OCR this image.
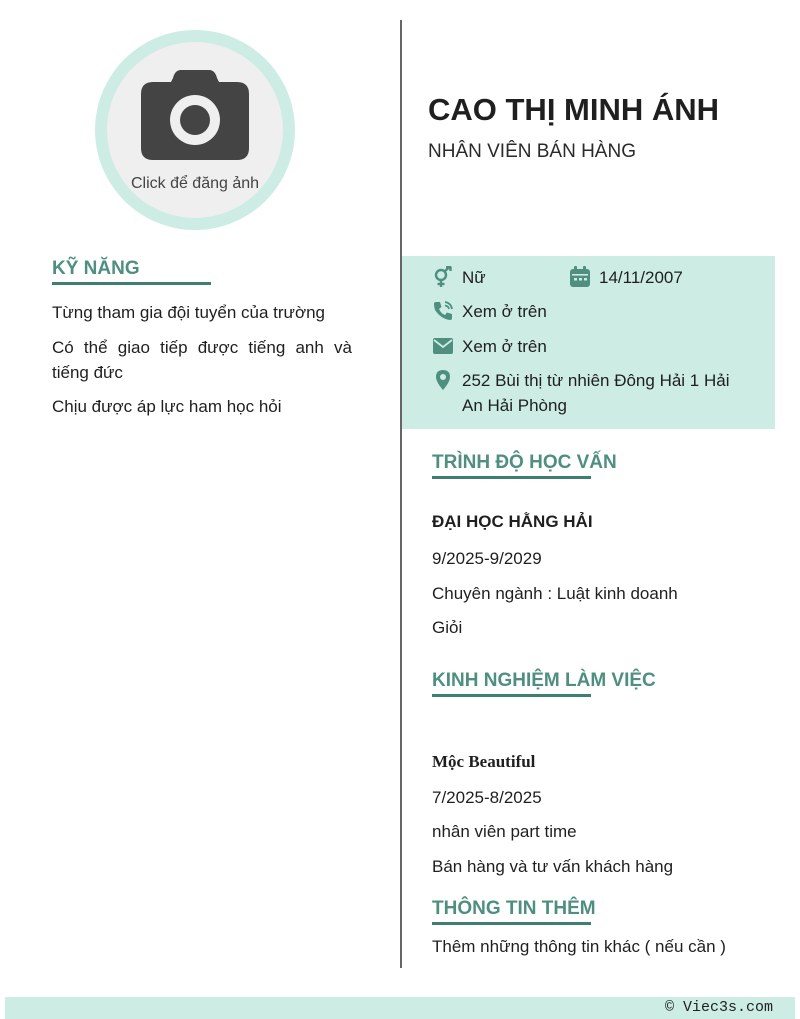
Click để đăng ảnh
KỸ NĂNG
Từng tham gia đội tuyển của trường
Có thể giao tiếp được tiếng anh và tiếng đức
Chịu được áp lực ham học hỏi
CAO THỊ MINH ÁNH
NHÂN VIÊN BÁN HÀNG
Nữ	14/11/2007
Xem ở trên
Xem ở trên
252 Bùi thị từ nhiên Đông Hải 1 Hải An Hải Phòng
TRÌNH ĐỘ HỌC VẤN
ĐẠI HỌC HẰNG HẢI
9/2025-9/2029
Chuyên ngành : Luật kinh doanh
Giỏi
KINH NGHIỆM LÀM VIỆC
Mộc Beautiful
7/2025-8/2025
nhân viên part time
Bán hàng và tư vấn khách hàng
THÔNG TIN THÊM
Thêm những thông tin khác ( nếu cần )
© Viec3s.com
